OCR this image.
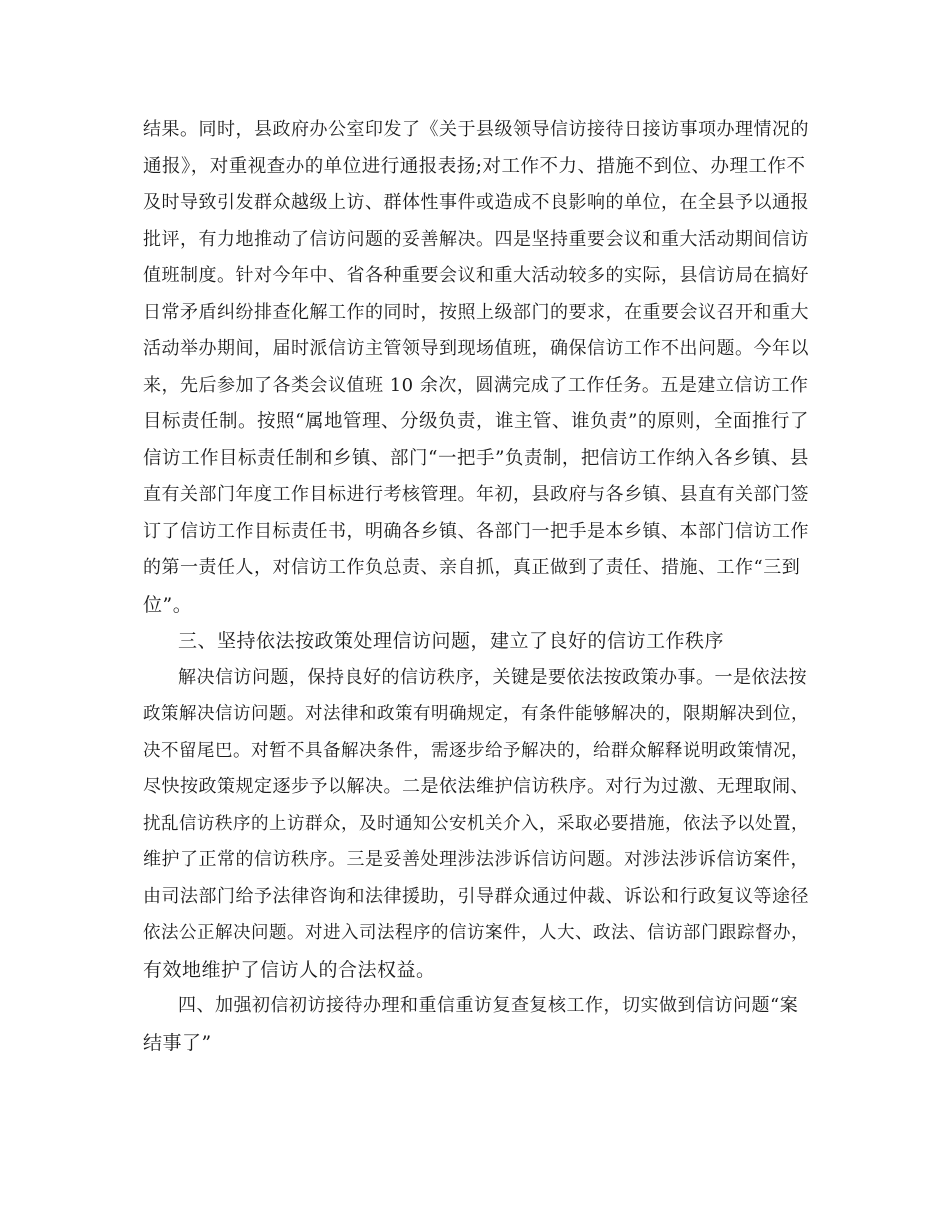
结果。同时，县政府办公室印发了《关于县级领导信访接待日接访事项办理情况的
通报》，对重视查办的单位进行通报表扬;对工作不力、措施不到位、办理工作不
及时导致引发群众越级上访、群体性事件或造成不良影响的单位，在全县予以通报
批评，有力地推动了信访问题的妥善解决。四是坚持重要会议和重大活动期间信访
值班制度。针对今年中、省各种重要会议和重大活动较多的实际，县信访局在搞好
日常矛盾纠纷排查化解工作的同时，按照上级部门的要求，在重要会议召开和重大
活动举办期间，届时派信访主管领导到现场值班，确保信访工作不出问题。今年以
来，先后参加了各类会议值班 10 余次，圆满完成了工作任务。五是建立信访工作
目标责任制。按照“属地管理、分级负责，谁主管、谁负责”的原则，全面推行了
信访工作目标责任制和乡镇、部门“一把手”负责制，把信访工作纳入各乡镇、县
直有关部门年度工作目标进行考核管理。年初，县政府与各乡镇、县直有关部门签
订了信访工作目标责任书，明确各乡镇、各部门一把手是本乡镇、本部门信访工作
的第一责任人，对信访工作负总责、亲自抓，真正做到了责任、措施、工作“三到
位”。
三、坚持依法按政策处理信访问题，建立了良好的信访工作秩序
解决信访问题，保持良好的信访秩序，关键是要依法按政策办事。一是依法按
政策解决信访问题。对法律和政策有明确规定，有条件能够解决的，限期解决到位，
决不留尾巴。对暂不具备解决条件，需逐步给予解决的，给群众解释说明政策情况，
尽快按政策规定逐步予以解决。二是依法维护信访秩序。对行为过激、无理取闹、
扰乱信访秩序的上访群众，及时通知公安机关介入，采取必要措施，依法予以处置，
维护了正常的信访秩序。三是妥善处理涉法涉诉信访问题。对涉法涉诉信访案件，
由司法部门给予法律咨询和法律援助，引导群众通过仲裁、诉讼和行政复议等途径
依法公正解决问题。对进入司法程序的信访案件，人大、政法、信访部门跟踪督办，
有效地维护了信访人的合法权益。
四、加强初信初访接待办理和重信重访复查复核工作，切实做到信访问题“案
结事了”
